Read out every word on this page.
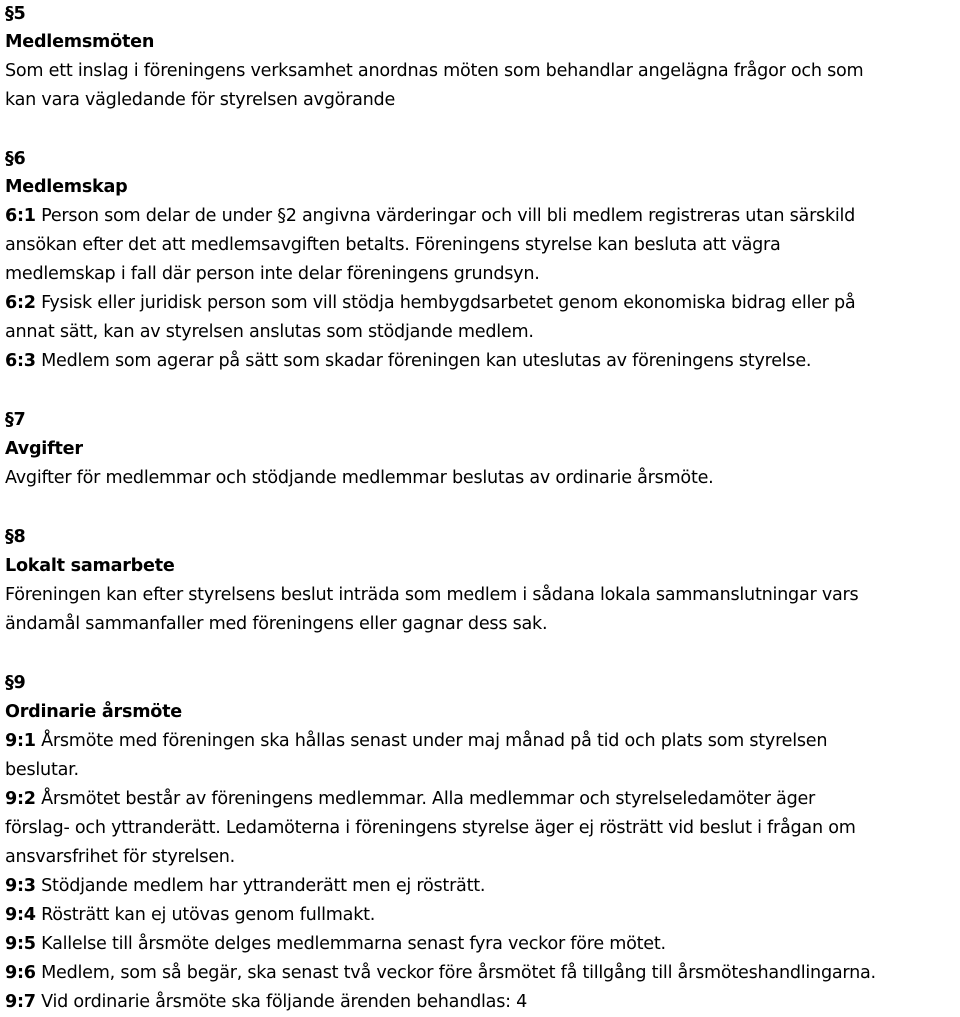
§5
Medlemsmöten
Som ett inslag i föreningens verksamhet anordnas möten som behandlar angelägna frågor och som
kan vara vägledande för styrelsen avgörande
§6
Medlemskap
6:1 Person som delar de under §2 angivna värderingar och vill bli medlem registreras utan särskild
ansökan efter det att medlemsavgiften betalts. Föreningens styrelse kan besluta att vägra
medlemskap i fall där person inte delar föreningens grundsyn.
6:2 Fysisk eller juridisk person som vill stödja hembygdsarbetet genom ekonomiska bidrag eller på
annat sätt, kan av styrelsen anslutas som stödjande medlem.
6:3 Medlem som agerar på sätt som skadar föreningen kan uteslutas av föreningens styrelse.
§7
Avgifter
Avgifter för medlemmar och stödjande medlemmar beslutas av ordinarie årsmöte.
§8
Lokalt samarbete
Föreningen kan efter styrelsens beslut inträda som medlem i sådana lokala sammanslutningar vars
ändamål sammanfaller med föreningens eller gagnar dess sak.
§9
Ordinarie årsmöte
9:1 Årsmöte med föreningen ska hållas senast under maj månad på tid och plats som styrelsen
beslutar.
9:2 Årsmötet består av föreningens medlemmar. Alla medlemmar och styrelseledamöter äger
förslag- och yttranderätt. Ledamöterna i föreningens styrelse äger ej rösträtt vid beslut i frågan om
ansvarsfrihet för styrelsen.
9:3 Stödjande medlem har yttranderätt men ej rösträtt.
9:4 Rösträtt kan ej utövas genom fullmakt.
9:5 Kallelse till årsmöte delges medlemmarna senast fyra veckor före mötet.
9:6 Medlem, som så begär, ska senast två veckor före årsmötet få tillgång till årsmöteshandlingarna.
9:7 Vid ordinarie årsmöte ska följande ärenden behandlas: 4
